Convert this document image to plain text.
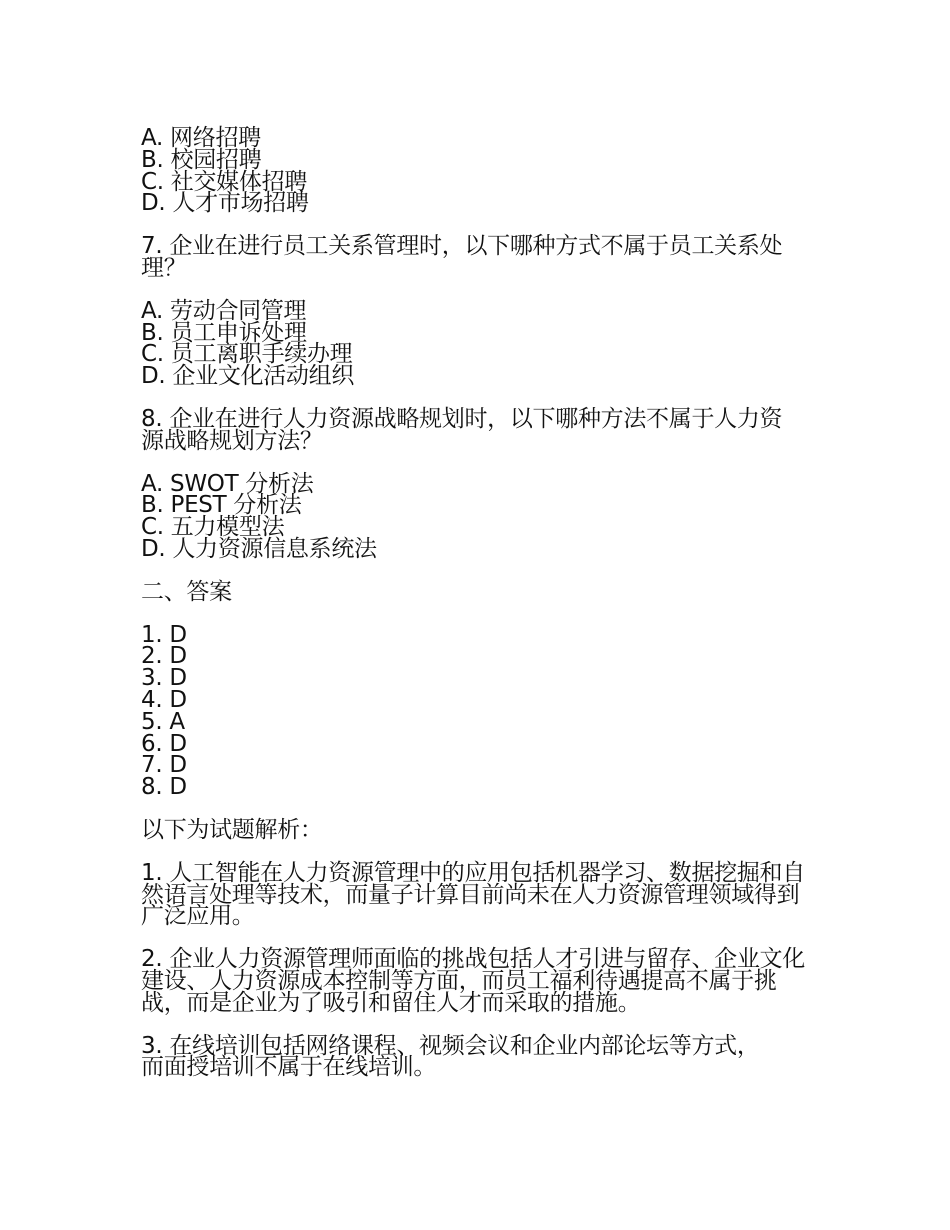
A. 网络招聘
B. 校园招聘
C. 社交媒体招聘
D. 人才市场招聘
7. 企业在进行员工关系管理时，以下哪种方式不属于员工关系处理？
A. 劳动合同管理
B. 员工申诉处理
C. 员工离职手续办理
D. 企业文化活动组织
8. 企业在进行人力资源战略规划时，以下哪种方法不属于人力资源战略规划方法？
A. SWOT 分析法
B. PEST 分析法
C. 五力模型法
D. 人力资源信息系统法
二、答案
1. D
2. D
3. D
4. D
5. A
6. D
7. D
8. D
以下为试题解析：
1. 人工智能在人力资源管理中的应用包括机器学习、数据挖掘和自然语言处理等技术，而量子计算目前尚未在人力资源管理领域得到广泛应用。
2. 企业人力资源管理师面临的挑战包括人才引进与留存、企业文化建设、人力资源成本控制等方面，而员工福利待遇提高不属于挑战，而是企业为了吸引和留住人才而采取的措施。
3. 在线培训包括网络课程、视频会议和企业内部论坛等方式，而面授培训不属于在线培训。
